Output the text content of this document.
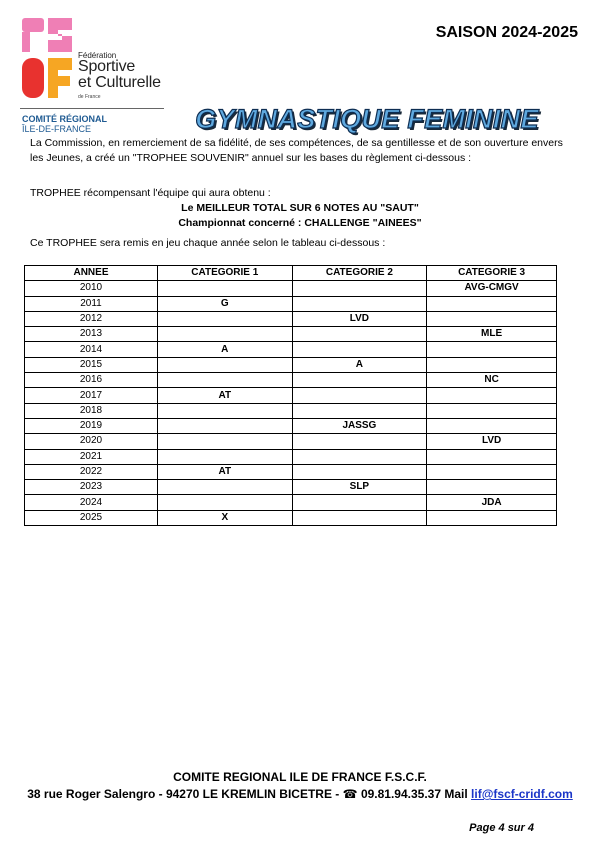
Fédération
Sportive
et Culturelle
de France
COMITÉ RÉGIONAL
ÎLE-DE-FRANCE
SAISON 2024-2025
GYMNASTIQUE FEMININE
La Commission, en remerciement de sa fidélité, de ses compétences, de sa gentillesse et de son ouverture envers les Jeunes, a créé un "TROPHEE SOUVENIR" annuel sur les bases du règlement ci-dessous :
TROPHEE récompensant l'équipe qui aura obtenu :
Le MEILLEUR TOTAL SUR 6 NOTES AU "SAUT"
Championnat concerné : CHALLENGE "AINEES"
Ce TROPHEE sera remis en jeu chaque année selon le tableau ci-dessous :
ANNEE	CATEGORIE 1	CATEGORIE 2	CATEGORIE 3
2010			AVG-CMGV
2011	G		
2012		LVD	
2013			MLE
2014	A		
2015		A	
2016			NC
2017	AT		
2018			
2019		JASSG	
2020			LVD
2021			
2022	AT		
2023		SLP	
2024			JDA
2025	X		
COMITE REGIONAL ILE DE FRANCE F.S.C.F.
38 rue Roger Salengro - 94270 LE KREMLIN BICETRE - ☎ 09.81.94.35.37 Mail lif@fscf-cridf.com
Page 4 sur 4
